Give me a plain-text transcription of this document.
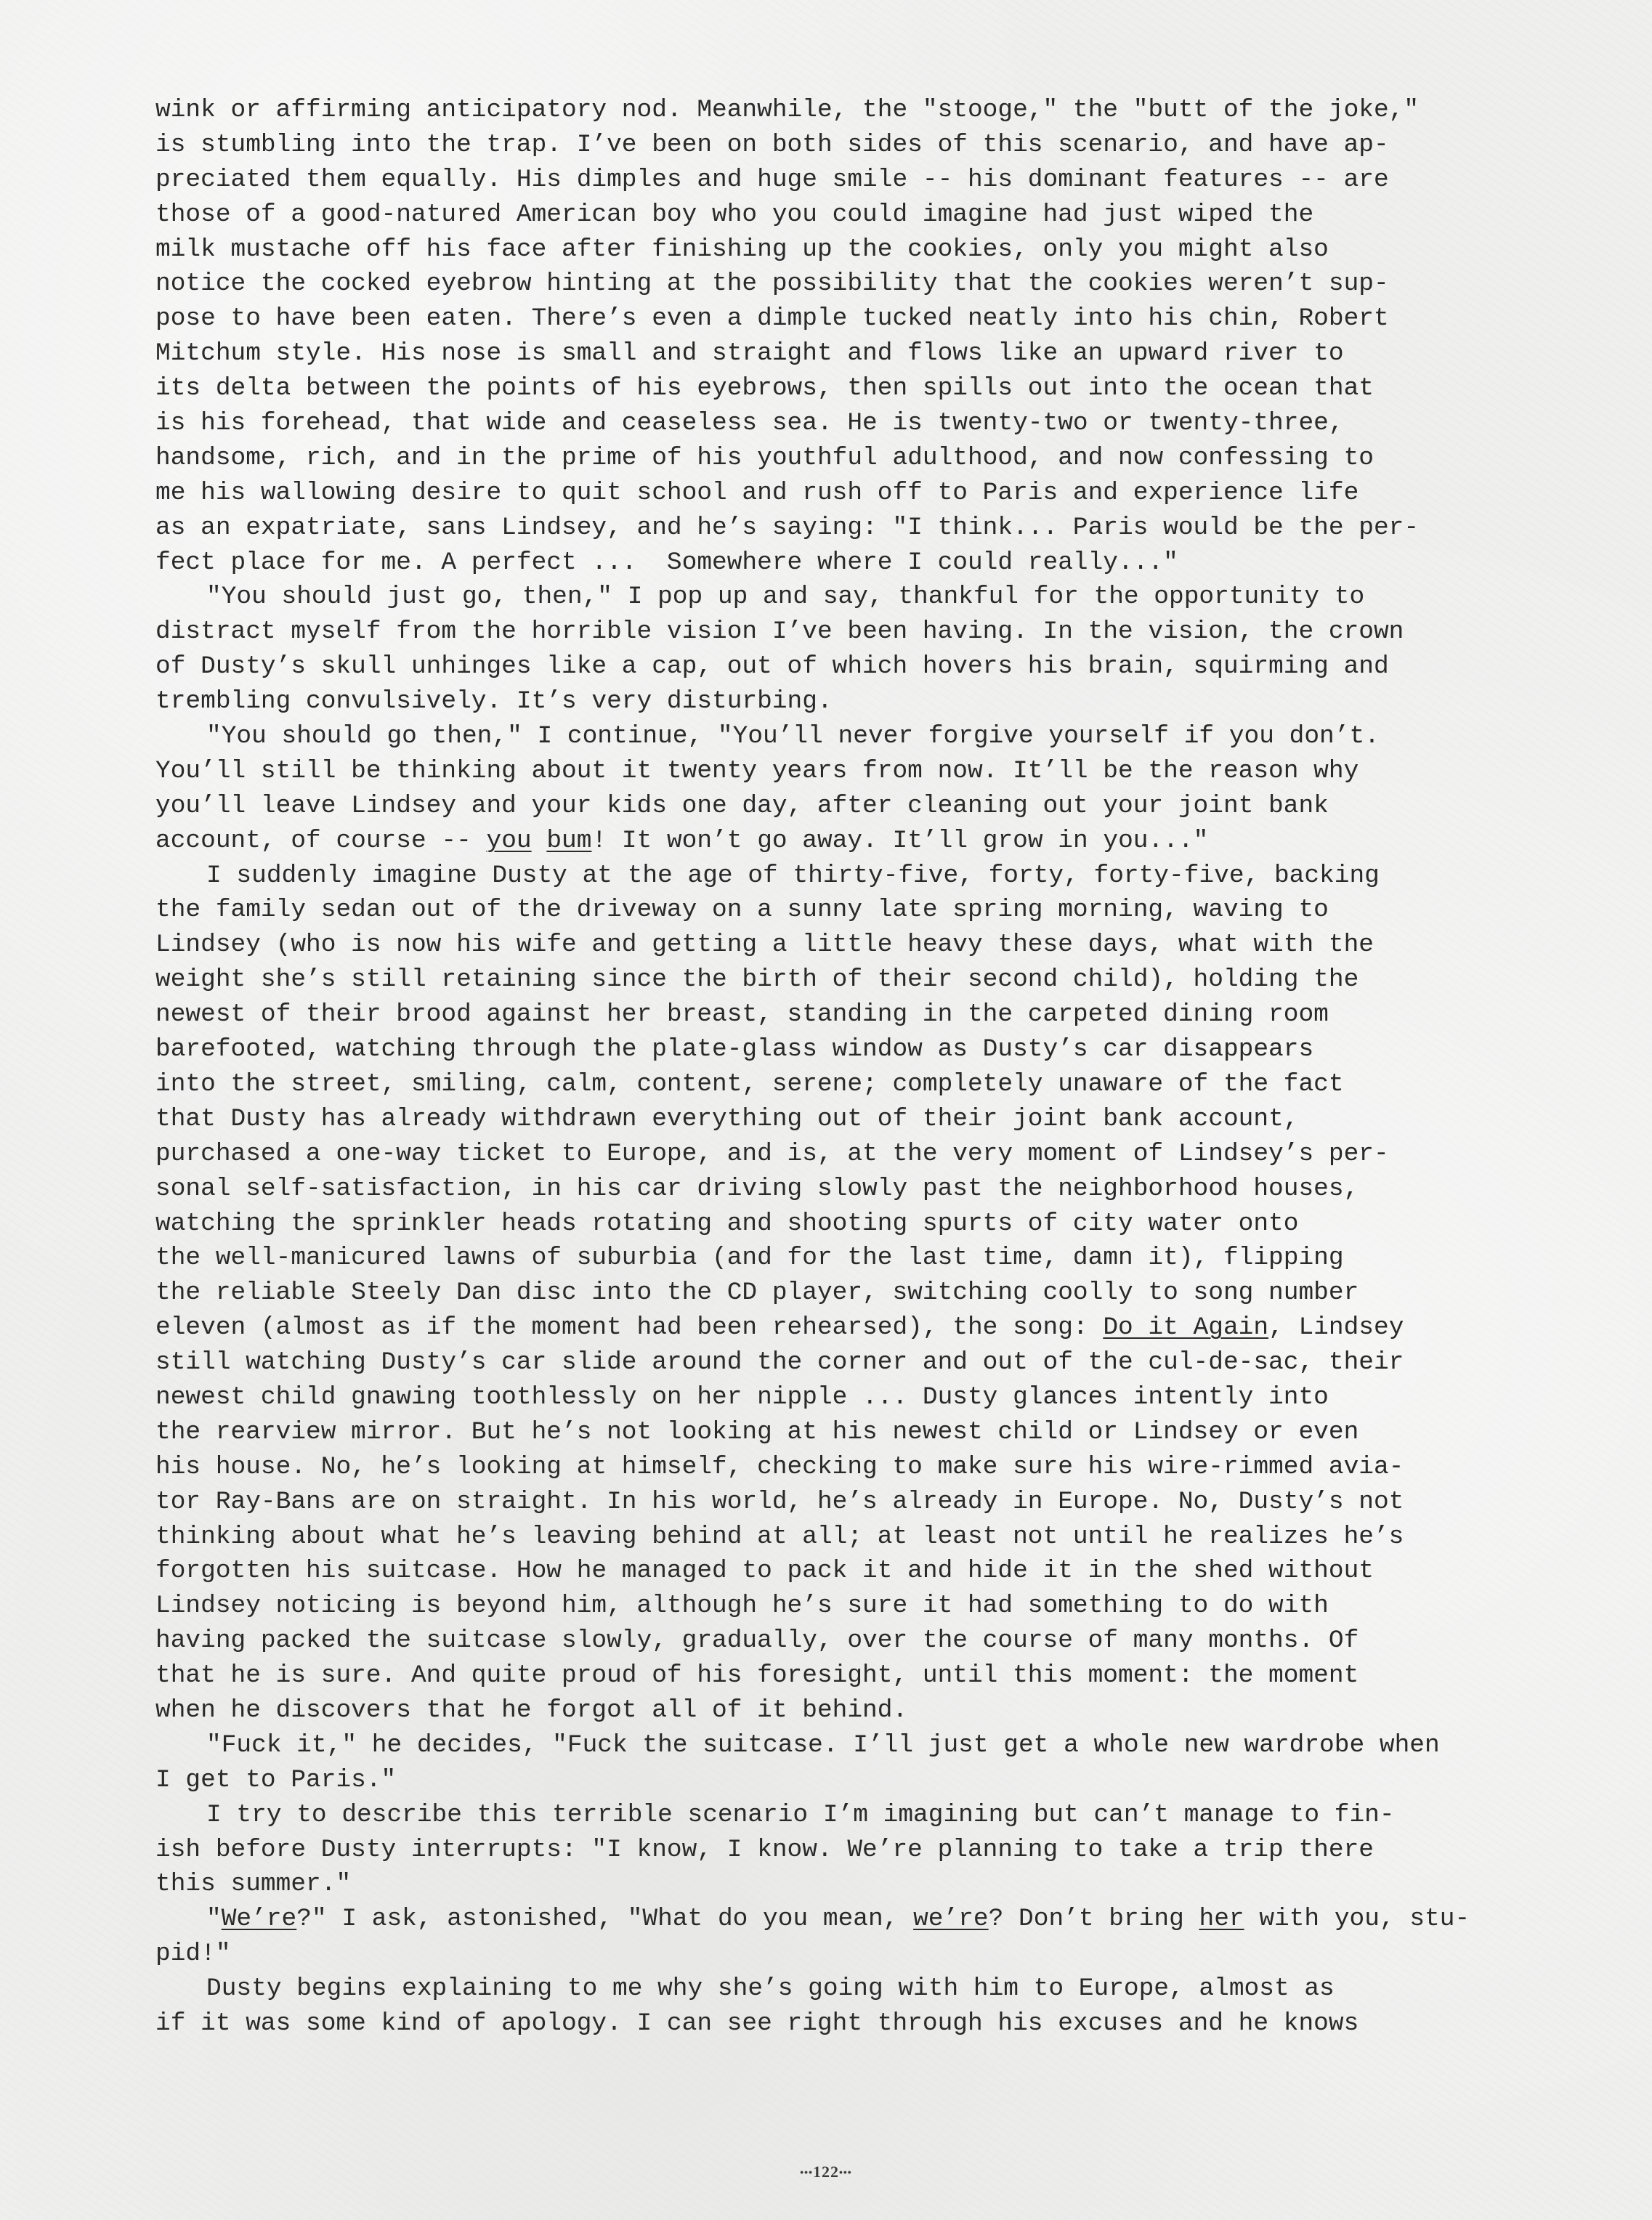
wink or affirming anticipatory nod. Meanwhile, the "stooge," the "butt of the joke,"
is stumbling into the trap. I’ve been on both sides of this scenario, and have ap-
preciated them equally. His dimples and huge smile -- his dominant features -- are
those of a good-natured American boy who you could imagine had just wiped the
milk mustache off his face after finishing up the cookies, only you might also
notice the cocked eyebrow hinting at the possibility that the cookies weren’t sup-
pose to have been eaten. There’s even a dimple tucked neatly into his chin, Robert
Mitchum style. His nose is small and straight and flows like an upward river to
its delta between the points of his eyebrows, then spills out into the ocean that
is his forehead, that wide and ceaseless sea. He is twenty-two or twenty-three,
handsome, rich, and in the prime of his youthful adulthood, and now confessing to
me his wallowing desire to quit school and rush off to Paris and experience life
as an expatriate, sans Lindsey, and he’s saying: "I think... Paris would be the per-
fect place for me. A perfect ...  Somewhere where I could really..."
"You should just go, then," I pop up and say, thankful for the opportunity to
distract myself from the horrible vision I’ve been having. In the vision, the crown
of Dusty’s skull unhinges like a cap, out of which hovers his brain, squirming and
trembling convulsively. It’s very disturbing.
"You should go then," I continue, "You’ll never forgive yourself if you don’t.
You’ll still be thinking about it twenty years from now. It’ll be the reason why
you’ll leave Lindsey and your kids one day, after cleaning out your joint bank
account, of course -- you bum! It won’t go away. It’ll grow in you..."
I suddenly imagine Dusty at the age of thirty-five, forty, forty-five, backing
the family sedan out of the driveway on a sunny late spring morning, waving to
Lindsey (who is now his wife and getting a little heavy these days, what with the
weight she’s still retaining since the birth of their second child), holding the
newest of their brood against her breast, standing in the carpeted dining room
barefooted, watching through the plate-glass window as Dusty’s car disappears
into the street, smiling, calm, content, serene; completely unaware of the fact
that Dusty has already withdrawn everything out of their joint bank account,
purchased a one-way ticket to Europe, and is, at the very moment of Lindsey’s per-
sonal self-satisfaction, in his car driving slowly past the neighborhood houses,
watching the sprinkler heads rotating and shooting spurts of city water onto
the well-manicured lawns of suburbia (and for the last time, damn it), flipping
the reliable Steely Dan disc into the CD player, switching coolly to song number
eleven (almost as if the moment had been rehearsed), the song: Do it Again, Lindsey
still watching Dusty’s car slide around the corner and out of the cul-de-sac, their
newest child gnawing toothlessly on her nipple ... Dusty glances intently into
the rearview mirror. But he’s not looking at his newest child or Lindsey or even
his house. No, he’s looking at himself, checking to make sure his wire-rimmed avia-
tor Ray-Bans are on straight. In his world, he’s already in Europe. No, Dusty’s not
thinking about what he’s leaving behind at all; at least not until he realizes he’s
forgotten his suitcase. How he managed to pack it and hide it in the shed without
Lindsey noticing is beyond him, although he’s sure it had something to do with
having packed the suitcase slowly, gradually, over the course of many months. Of
that he is sure. And quite proud of his foresight, until this moment: the moment
when he discovers that he forgot all of it behind.
"Fuck it," he decides, "Fuck the suitcase. I’ll just get a whole new wardrobe when
I get to Paris."
I try to describe this terrible scenario I’m imagining but can’t manage to fin-
ish before Dusty interrupts: "I know, I know. We’re planning to take a trip there
this summer."
"We’re?" I ask, astonished, "What do you mean, we’re? Don’t bring her with you, stu-
pid!"
Dusty begins explaining to me why she’s going with him to Europe, almost as
if it was some kind of apology. I can see right through his excuses and he knows
•••122•••
